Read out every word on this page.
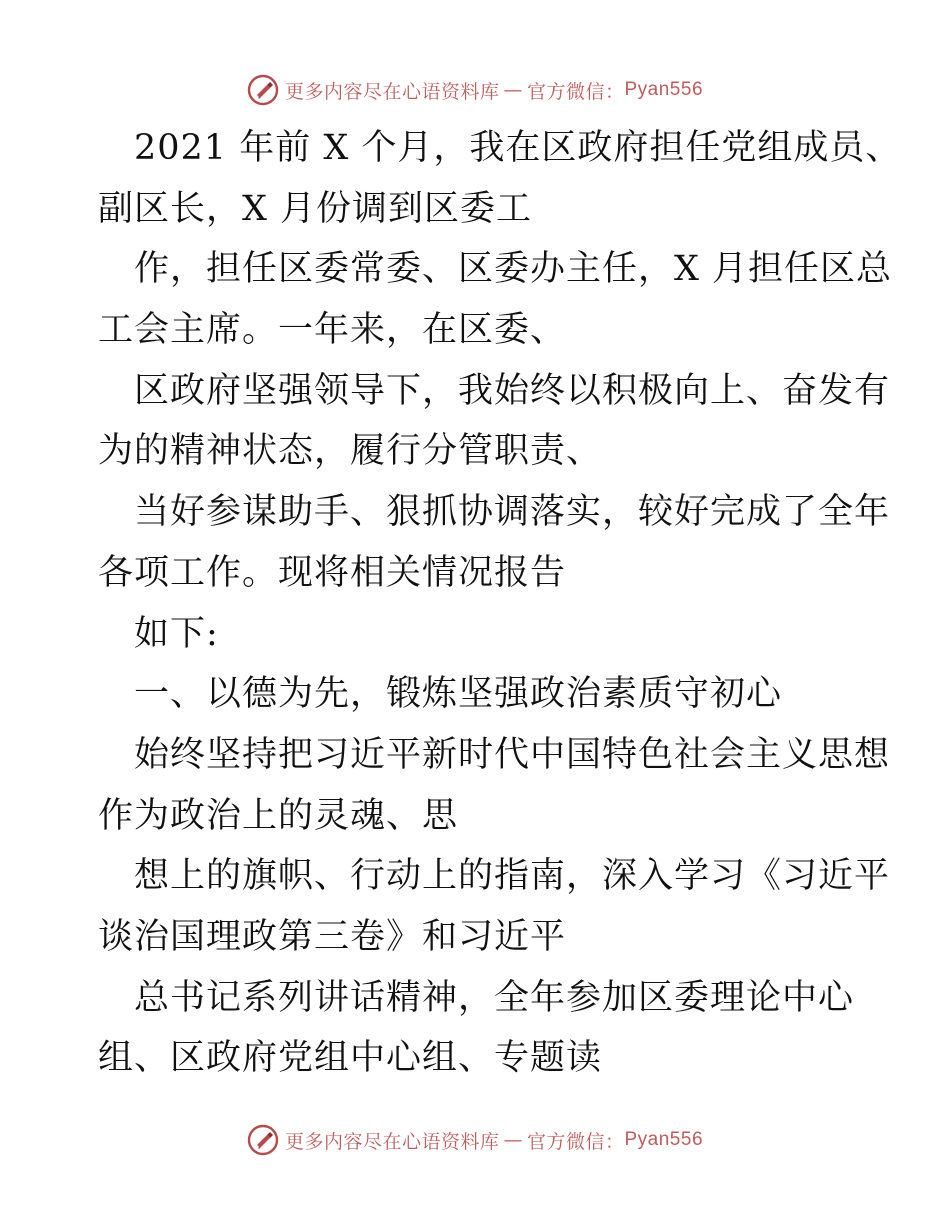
更多内容尽在心语资料库 — 官方微信： Pyan556
2021 年前 X 个月，我在区政府担任党组成员、
副区长，X 月份调到区委工
作，担任区委常委、区委办主任，X 月担任区总
工会主席。一年来，在区委、
区政府坚强领导下，我始终以积极向上、奋发有
为的精神状态，履行分管职责、
当好参谋助手、狠抓协调落实，较好完成了全年
各项工作。现将相关情况报告
如下:
一、以德为先，锻炼坚强政治素质守初心
始终坚持把习近平新时代中国特色社会主义思想
作为政治上的灵魂、思
想上的旗帜、行动上的指南，深入学习《习近平
谈治国理政第三卷》和习近平
总书记系列讲话精神，全年参加区委理论中心
组、区政府党组中心组、专题读
更多内容尽在心语资料库 — 官方微信： Pyan556
